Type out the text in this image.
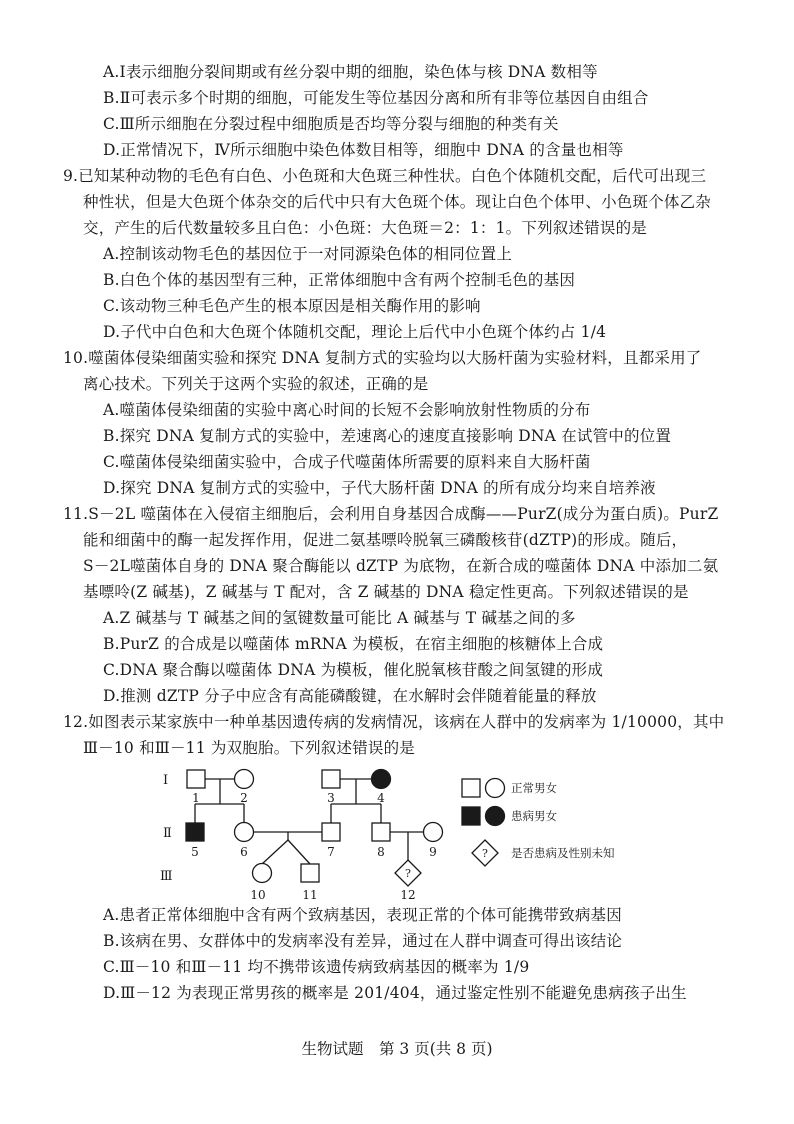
A.Ⅰ表示细胞分裂间期或有丝分裂中期的细胞，染色体与核 DNA 数相等
B.Ⅱ可表示多个时期的细胞，可能发生等位基因分离和所有非等位基因自由组合
C.Ⅲ所示细胞在分裂过程中细胞质是否均等分裂与细胞的种类有关
D.正常情况下，Ⅳ所示细胞中染色体数目相等，细胞中 DNA 的含量也相等
9.已知某种动物的毛色有白色、小色斑和大色斑三种性状。白色个体随机交配，后代可出现三
种性状，但是大色斑个体杂交的后代中只有大色斑个体。现让白色个体甲、小色斑个体乙杂
交，产生的后代数量较多且白色：小色斑：大色斑＝2：1：1。下列叙述错误的是
A.控制该动物毛色的基因位于一对同源染色体的相同位置上
B.白色个体的基因型有三种，正常体细胞中含有两个控制毛色的基因
C.该动物三种毛色产生的根本原因是相关酶作用的影响
D.子代中白色和大色斑个体随机交配，理论上后代中小色斑个体约占 1/4
10.噬菌体侵染细菌实验和探究 DNA 复制方式的实验均以大肠杆菌为实验材料，且都采用了
离心技术。下列关于这两个实验的叙述，正确的是
A.噬菌体侵染细菌的实验中离心时间的长短不会影响放射性物质的分布
B.探究 DNA 复制方式的实验中，差速离心的速度直接影响 DNA 在试管中的位置
C.噬菌体侵染细菌实验中，合成子代噬菌体所需要的原料来自大肠杆菌
D.探究 DNA 复制方式的实验中，子代大肠杆菌 DNA 的所有成分均来自培养液
11.S－2L 噬菌体在入侵宿主细胞后，会利用自身基因合成酶——PurZ(成分为蛋白质)。PurZ
能和细菌中的酶一起发挥作用，促进二氨基嘌呤脱氧三磷酸核苷(dZTP)的形成。随后，
S－2L噬菌体自身的 DNA 聚合酶能以 dZTP 为底物，在新合成的噬菌体 DNA 中添加二氨
基嘌呤(Z 碱基)，Z 碱基与 T 配对，含 Z 碱基的 DNA 稳定性更高。下列叙述错误的是
A.Z 碱基与 T 碱基之间的氢键数量可能比 A 碱基与 T 碱基之间的多
B.PurZ 的合成是以噬菌体 mRNA 为模板，在宿主细胞的核糖体上合成
C.DNA 聚合酶以噬菌体 DNA 为模板，催化脱氧核苷酸之间氢键的形成
D.推测 dZTP 分子中应含有高能磷酸键，在水解时会伴随着能量的释放
12.如图表示某家族中一种单基因遗传病的发病情况，该病在人群中的发病率为 1/10000，其中
Ⅲ－10 和Ⅲ－11 为双胞胎。下列叙述错误的是
Ⅰ
Ⅱ
Ⅲ
1	2	3	4
5	6	7	8	9
10	11	12
?
?
正常男女
患病男女
是否患病及性别未知
A.患者正常体细胞中含有两个致病基因，表现正常的个体可能携带致病基因
B.该病在男、女群体中的发病率没有差异，通过在人群中调查可得出该结论
C.Ⅲ－10 和Ⅲ－11 均不携带该遗传病致病基因的概率为 1/9
D.Ⅲ－12 为表现正常男孩的概率是 201/404，通过鉴定性别不能避免患病孩子出生
生物试题　第 3 页(共 8 页)
